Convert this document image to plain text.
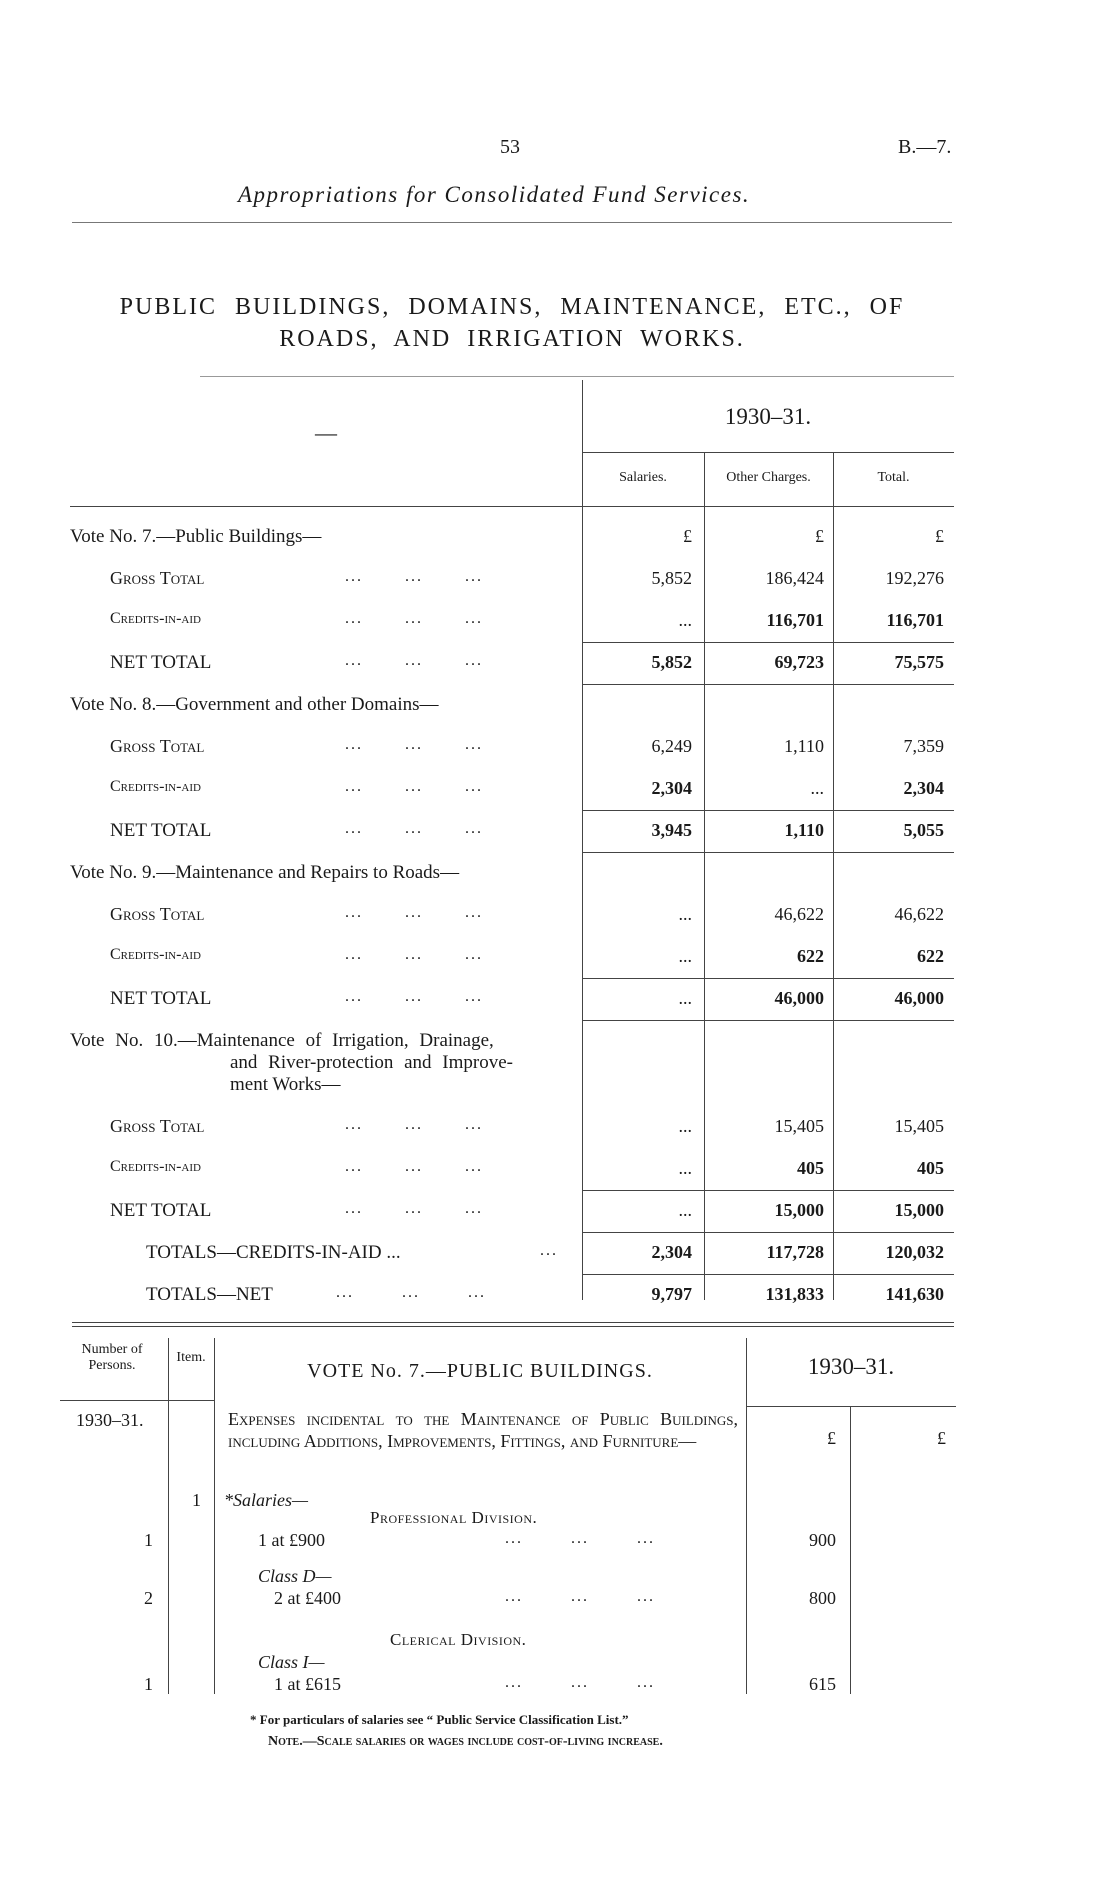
53	B.—7.
Appropriations for Consolidated Fund Services.
PUBLIC BUILDINGS, DOMAINS, MAINTENANCE, ETC., OF
ROADS, AND IRRIGATION WORKS.
—
1930–31.
Salaries.	Other Charges.	Total.
£	£	£
Vote No. 7.—Public Buildings—
Gross Total	...	...	...	5,852	186,424	192,276
Credits-in-aid	...	...	...	...	116,701	116,701
NET TOTAL	...	...	...	5,852	69,723	75,575
Vote No. 8.—Government and other Domains—
Gross Total	...	...	...	6,249	1,110	7,359
Credits-in-aid	...	...	...	2,304	...	2,304
NET TOTAL	...	...	...	3,945	1,110	5,055
Vote No. 9.—Maintenance and Repairs to Roads—
Gross Total	...	...	...	...	46,622	46,622
Credits-in-aid	...	...	...	...	622	622
NET TOTAL	...	...	...	...	46,000	46,000
Vote No. 10.—Maintenance of Irrigation, Drainage,
and River-protection and Improve-
ment Works—
Gross Total	...	...	...	...	15,405	15,405
Credits-in-aid	...	...	...	...	405	405
NET TOTAL	...	...	...	...	15,000	15,000
TOTALS—CREDITS-IN-AID ...	...	2,304	117,728	120,032
TOTALS—NET	...	...	...	9,797	131,833	141,630
Number of Persons.
Item.
VOTE No. 7.—PUBLIC BUILDINGS.	1930–31.
1930–31.	Expenses incidental to the Maintenance of Public Buildings, including Additions, Improvements, Fittings, and Furniture—	£	£
1 *Salaries—
Professional Division.
1	1 at £900	...	...	...	900
Class D—
2	2 at £400	...	...	...	800
Clerical Division.
Class I—
1	1 at £615	...	...	...	615
* For particulars of salaries see “ Public Service Classification List.”
Note.—Scale salaries or wages include cost-of-living increase.
